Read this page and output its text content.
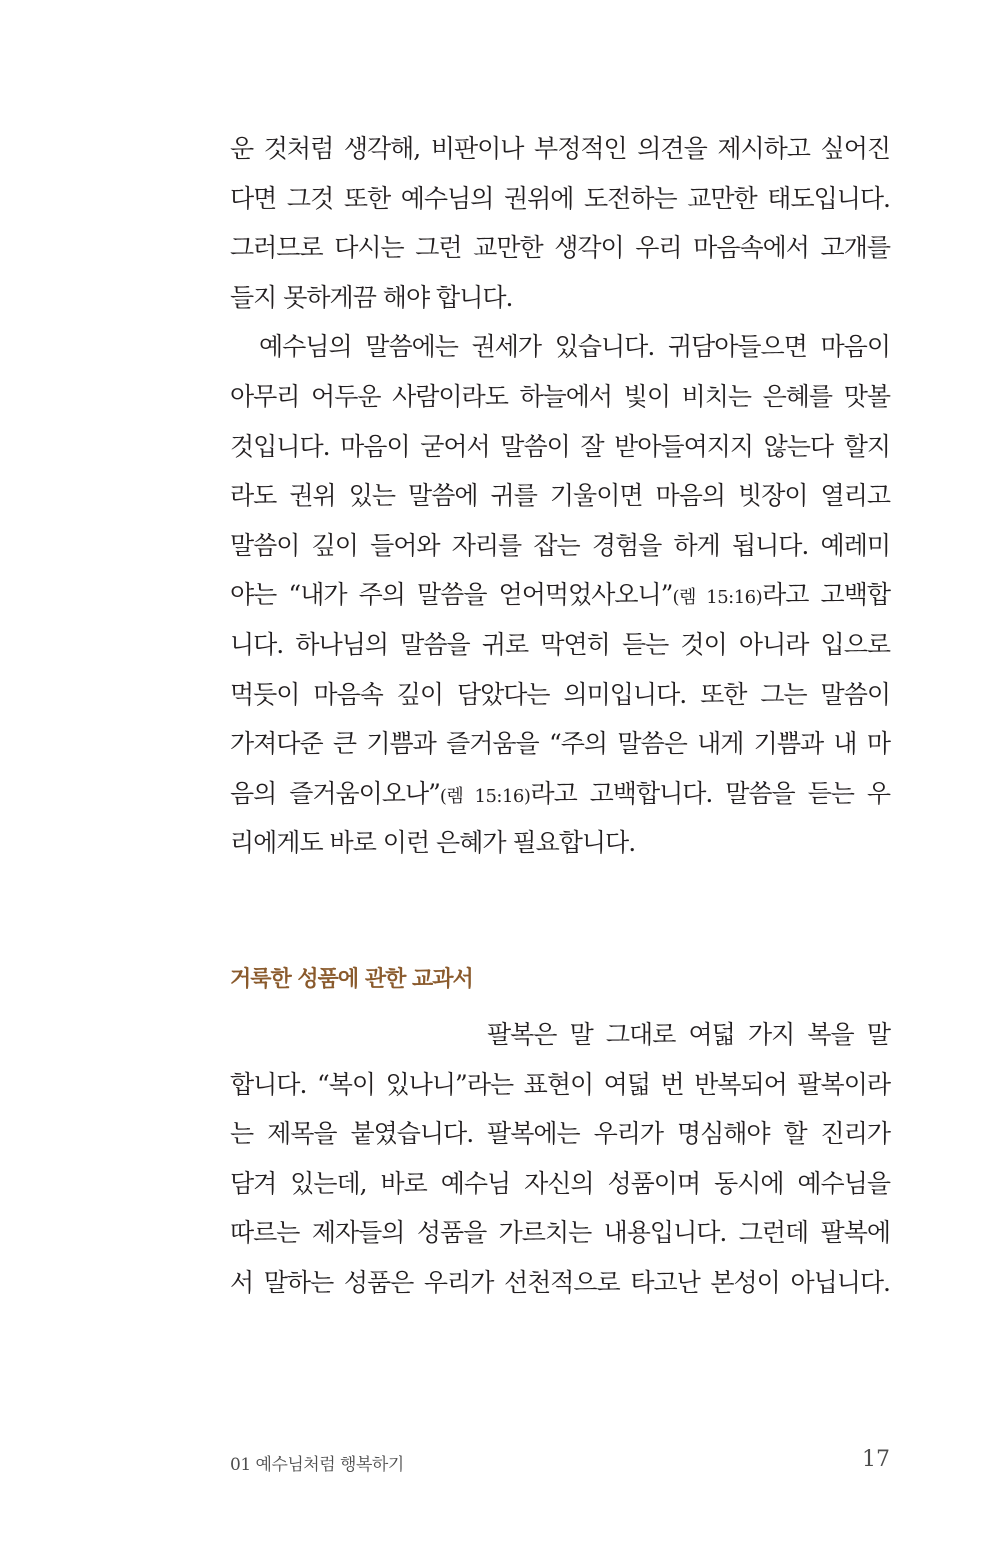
운 것처럼 생각해, 비판이나 부정적인 의견을 제시하고 싶어진
다면 그것 또한 예수님의 권위에 도전하는 교만한 태도입니다.
그러므로 다시는 그런 교만한 생각이 우리 마음속에서 고개를
들지 못하게끔 해야 합니다.
예수님의 말씀에는 권세가 있습니다. 귀담아들으면 마음이
아무리 어두운 사람이라도 하늘에서 빛이 비치는 은혜를 맛볼
것입니다. 마음이 굳어서 말씀이 잘 받아들여지지 않는다 할지
라도 권위 있는 말씀에 귀를 기울이면 마음의 빗장이 열리고
말씀이 깊이 들어와 자리를 잡는 경험을 하게 됩니다. 예레미
야는 “내가 주의 말씀을 얻어먹었사오니”(렘 15:16)라고 고백합
니다. 하나님의 말씀을 귀로 막연히 듣는 것이 아니라 입으로
먹듯이 마음속 깊이 담았다는 의미입니다. 또한 그는 말씀이
가져다준 큰 기쁨과 즐거움을 “주의 말씀은 내게 기쁨과 내 마
음의 즐거움이오나”(렘 15:16)라고 고백합니다. 말씀을 듣는 우
리에게도 바로 이런 은혜가 필요합니다.
거룩한 성품에 관한 교과서
팔복은 말 그대로 여덟 가지 복을 말
합니다. “복이 있나니”라는 표현이 여덟 번 반복되어 팔복이라
는 제목을 붙였습니다. 팔복에는 우리가 명심해야 할 진리가
담겨 있는데, 바로 예수님 자신의 성품이며 동시에 예수님을
따르는 제자들의 성품을 가르치는 내용입니다. 그런데 팔복에
서 말하는 성품은 우리가 선천적으로 타고난 본성이 아닙니다.
01 예수님처럼 행복하기	17
